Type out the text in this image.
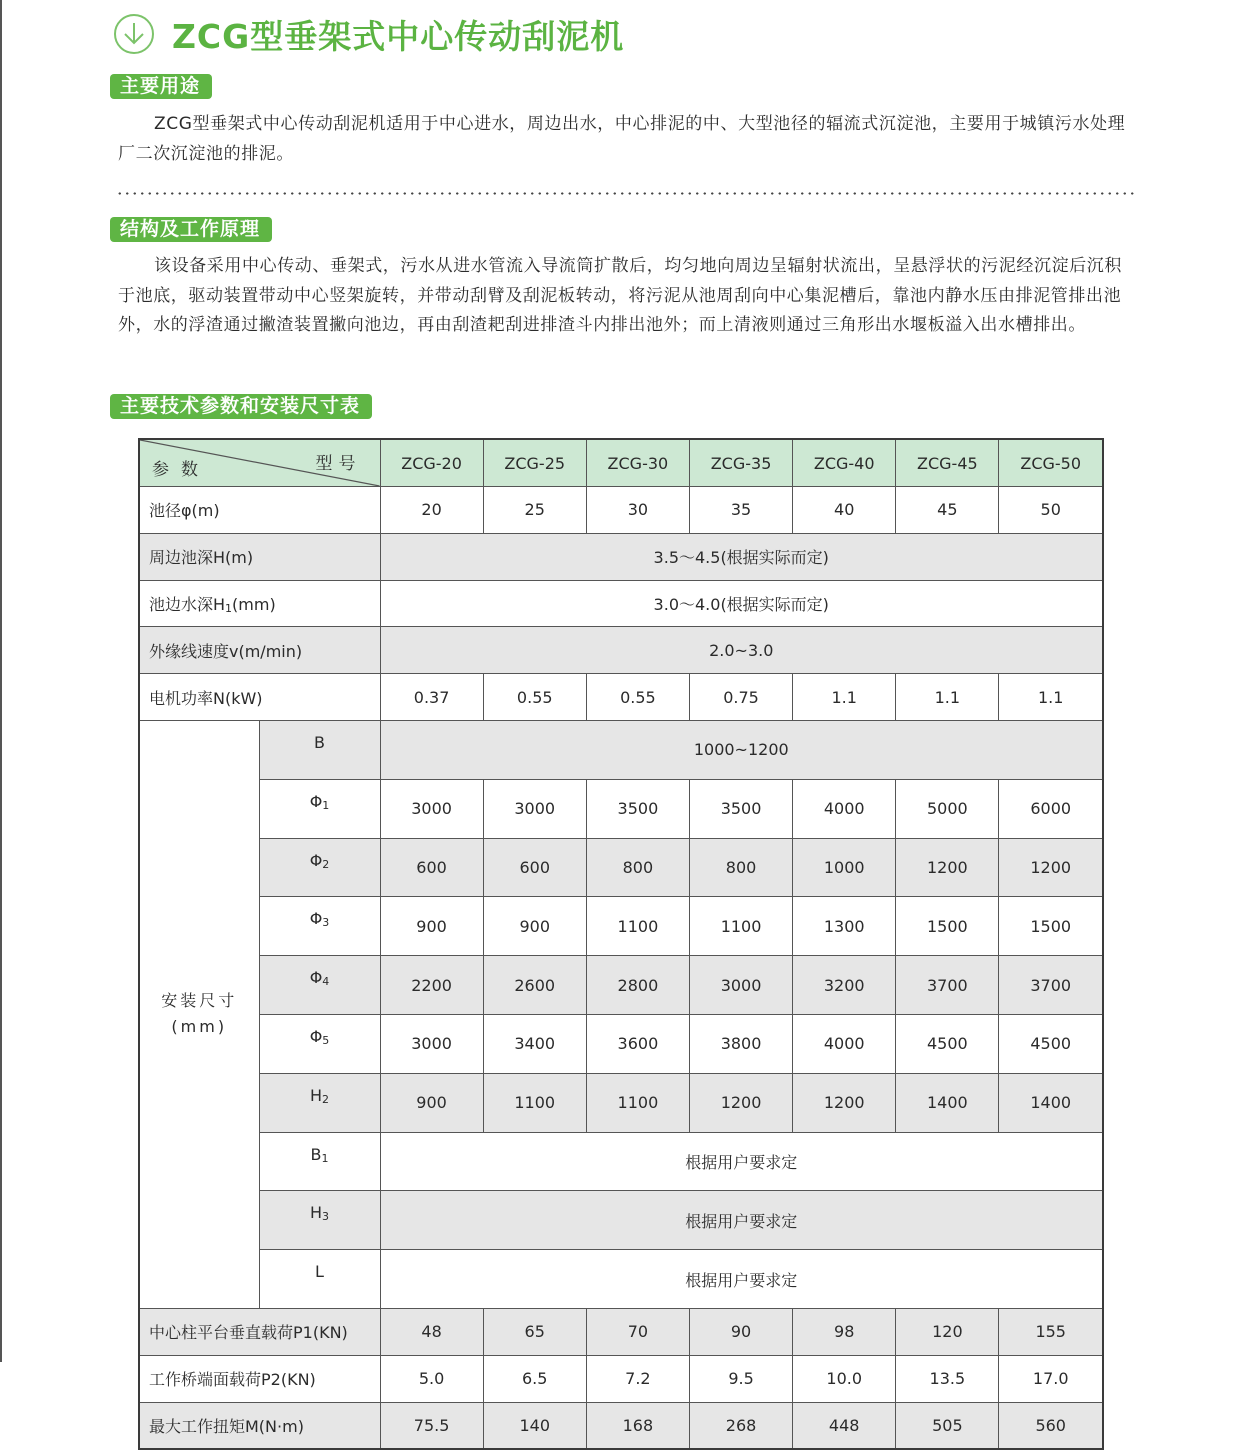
ZCG型垂架式中心传动刮泥机
主要用途
ZCG型垂架式中心传动刮泥机适用于中心进水，周边出水，中心排泥的中、大型池径的辐流式沉淀池，主要用于城镇污水处理厂二次沉淀池的排泥。
结构及工作原理
该设备采用中心传动、垂架式，污水从进水管流入导流筒扩散后，均匀地向周边呈辐射状流出，呈悬浮状的污泥经沉淀后沉积于池底，驱动装置带动中心竖架旋转，并带动刮臂及刮泥板转动，将污泥从池周刮向中心集泥槽后，靠池内静水压由排泥管排出池外，水的浮渣通过撇渣装置撇向池边，再由刮渣耙刮进排渣斗内排出池外；而上清液则通过三角形出水堰板溢入出水槽排出。
主要技术参数和安装尺寸表
型号
参数		ZCG-20	ZCG-25	ZCG-30	ZCG-35	ZCG-40	ZCG-45	ZCG-50
池径φ(m)		20	25	30	35	40	45	50
周边池深H(m)		3.5～4.5(根据实际而定)						
池边水深$H_1(mm)$		3.0～4.0(根据实际而定)						
外缘线速度v(m/min)		2.0~3.0						
电机功率N(kW)		0.37	0.55	0.55	0.75	1.1	1.1	1.1
安装尺寸
(mm)	B	1000~1200						
	$\Phi_1$	3000	3000	3500	3500	4000	5000	6000
	$\Phi_2$	600	600	800	800	1000	1200	1200
	$\Phi_3$	900	900	1100	1100	1300	1500	1500
	$\Phi_4$	2200	2600	2800	3000	3200	3700	3700
	$\Phi_5$	3000	3400	3600	3800	4000	4500	4500
	$H_2$	900	1100	1100	1200	1200	1400	1400
	$B_1$	根据用户要求定						
	$H_3$	根据用户要求定						
	L	根据用户要求定						
中心柱平台垂直载荷P1(KN)		48	65	70	90	98	120	155
工作桥端面载荷P2(KN)		5.0	6.5	7.2	9.5	10.0	13.5	17.0
最大工作扭矩M(N·m)		75.5	140	168	268	448	505	560
